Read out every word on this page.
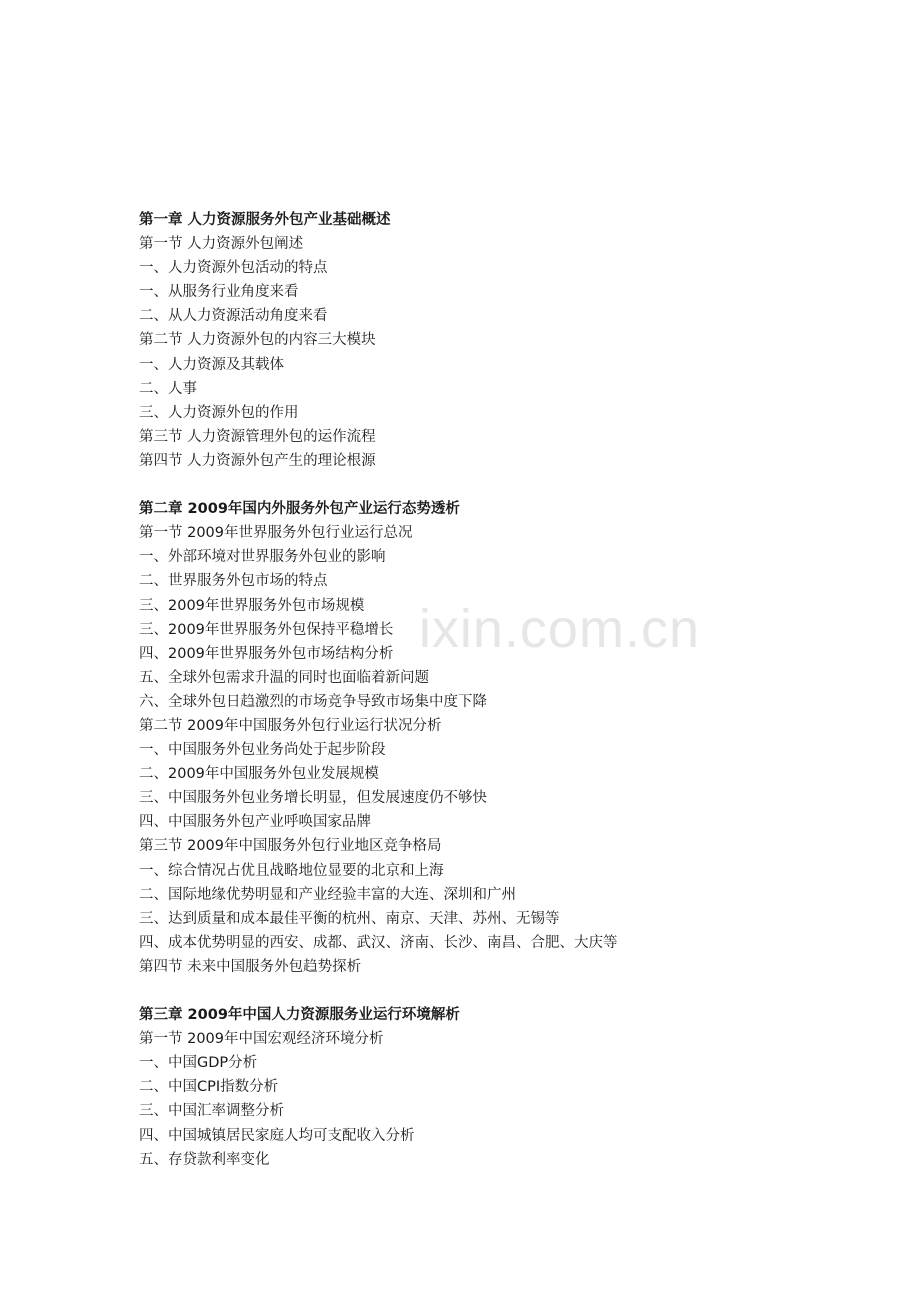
第一章 人力资源服务外包产业基础概述
第一节 人力资源外包阐述
一、人力资源外包活动的特点
一、从服务行业角度来看
二、从人力资源活动角度来看
第二节 人力资源外包的内容三大模块
一、人力资源及其载体
二、人事
三、人力资源外包的作用
第三节 人力资源管理外包的运作流程
第四节 人力资源外包产生的理论根源
第二章 2009年国内外服务外包产业运行态势透析
第一节 2009年世界服务外包行业运行总况
一、外部环境对世界服务外包业的影响
二、世界服务外包市场的特点
三、2009年世界服务外包市场规模
三、2009年世界服务外包保持平稳增长
四、2009年世界服务外包市场结构分析
五、全球外包需求升温的同时也面临着新问题
六、全球外包日趋激烈的市场竞争导致市场集中度下降
第二节 2009年中国服务外包行业运行状况分析
一、中国服务外包业务尚处于起步阶段
二、2009年中国服务外包业发展规模
三、中国服务外包业务增长明显，但发展速度仍不够快
四、中国服务外包产业呼唤国家品牌
第三节 2009年中国服务外包行业地区竞争格局
一、综合情况占优且战略地位显要的北京和上海
二、国际地缘优势明显和产业经验丰富的大连、深圳和广州
三、达到质量和成本最佳平衡的杭州、南京、天津、苏州、无锡等
四、成本优势明显的西安、成都、武汉、济南、长沙、南昌、合肥、大庆等
第四节 未来中国服务外包趋势探析
第三章 2009年中国人力资源服务业运行环境解析
第一节 2009年中国宏观经济环境分析
一、中国GDP分析
二、中国CPI指数分析
三、中国汇率调整分析
四、中国城镇居民家庭人均可支配收入分析
五、存贷款利率变化
ixin.com.cn
